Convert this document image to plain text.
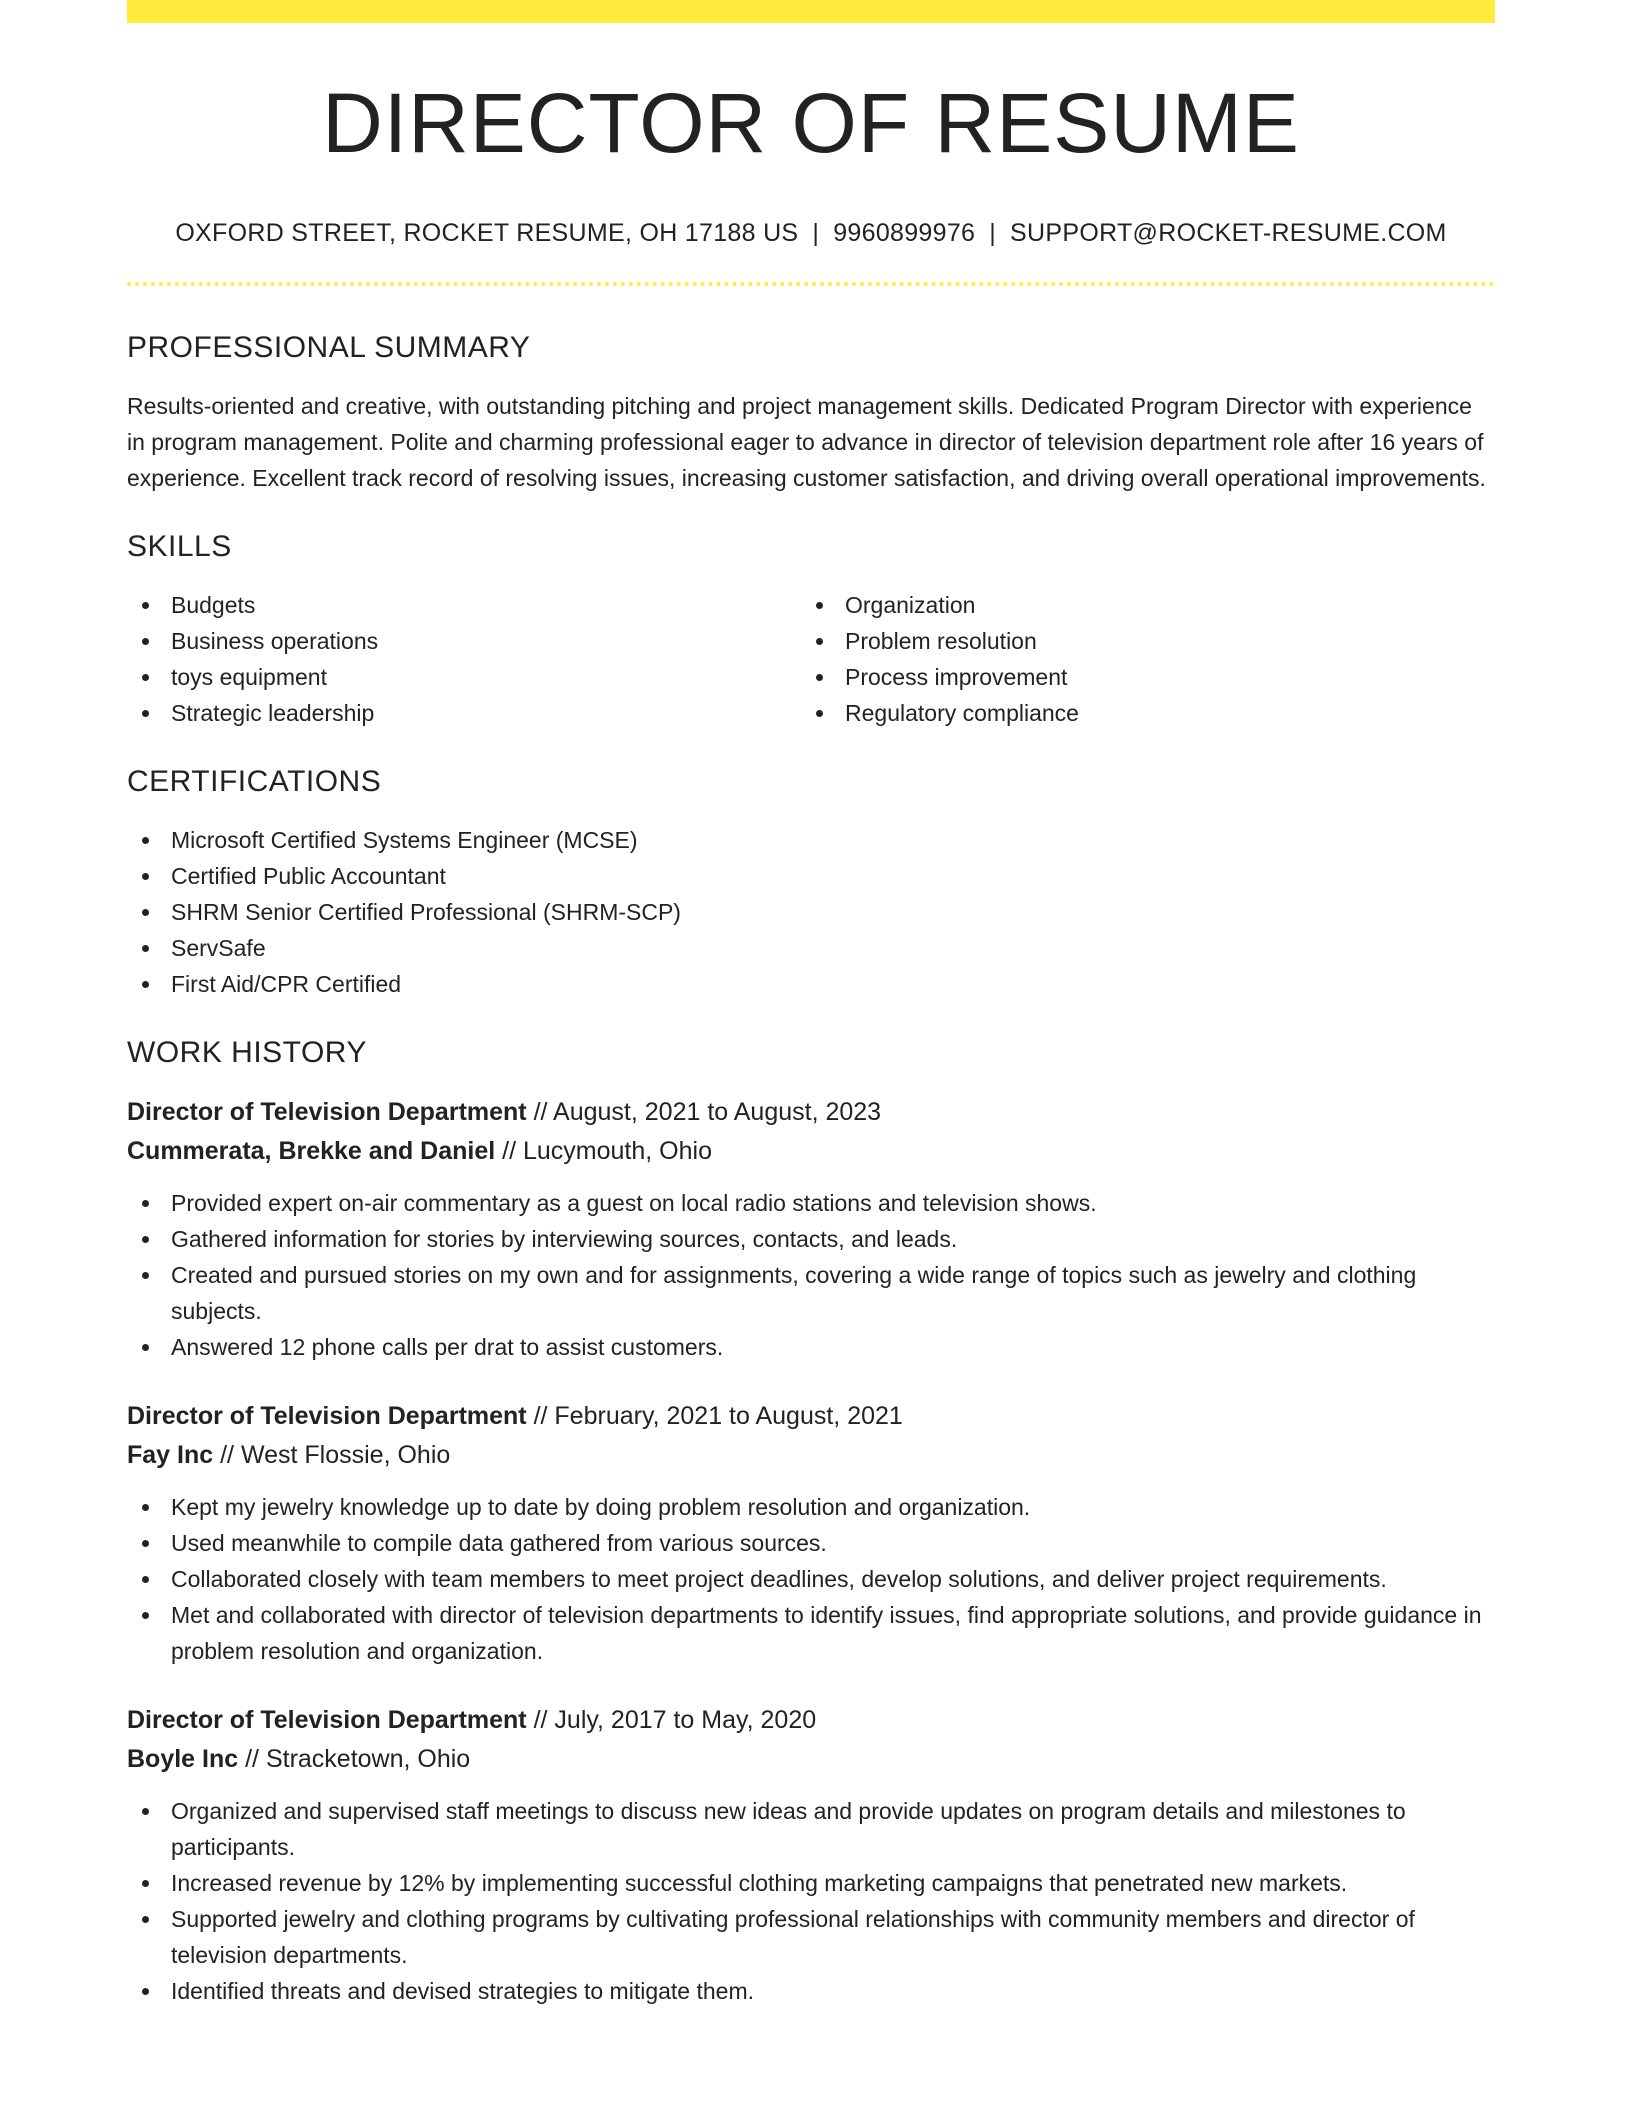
DIRECTOR OF RESUME
OXFORD STREET, ROCKET RESUME, OH 17188 US | 9960899976 | SUPPORT@ROCKET-RESUME.COM
PROFESSIONAL SUMMARY

Results-oriented and creative, with outstanding pitching and project management skills. Dedicated Program Director with experience in program management. Polite and charming professional eager to advance in director of television department role after 16 years of experience. Excellent track record of resolving issues, increasing customer satisfaction, and driving overall operational improvements.

SKILLS
Budgets
Business operations
toys equipment
Strategic leadership
Organization
Problem resolution
Process improvement
Regulatory compliance
CERTIFICATIONS
Microsoft Certified Systems Engineer (MCSE)
Certified Public Accountant
SHRM Senior Certified Professional (SHRM-SCP)
ServSafe
First Aid/CPR Certified
WORK HISTORY
Director of Television Department // August, 2021 to August, 2023
Cummerata, Brekke and Daniel // Lucymouth, Ohio
Provided expert on-air commentary as a guest on local radio stations and television shows.
Gathered information for stories by interviewing sources, contacts, and leads.
Created and pursued stories on my own and for assignments, covering a wide range of topics such as jewelry and clothing subjects.
Answered 12 phone calls per drat to assist customers.
Director of Television Department // February, 2021 to August, 2021
Fay Inc // West Flossie, Ohio
Kept my jewelry knowledge up to date by doing problem resolution and organization.
Used meanwhile to compile data gathered from various sources.
Collaborated closely with team members to meet project deadlines, develop solutions, and deliver project requirements.
Met and collaborated with director of television departments to identify issues, find appropriate solutions, and provide guidance in problem resolution and organization.
Director of Television Department // July, 2017 to May, 2020
Boyle Inc // Stracketown, Ohio
Organized and supervised staff meetings to discuss new ideas and provide updates on program details and milestones to participants.
Increased revenue by 12% by implementing successful clothing marketing campaigns that penetrated new markets.
Supported jewelry and clothing programs by cultivating professional relationships with community members and director of television departments.
Identified threats and devised strategies to mitigate them.
